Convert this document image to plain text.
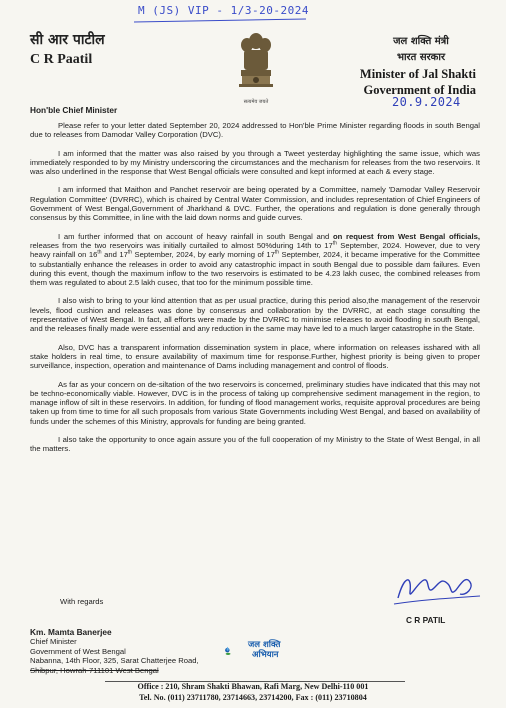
M (JS) VIP - 1/3-20-2024
सी आर पाटील
C R Paatil
सत्यमेव जयते
जल शक्ति मंत्री
भारत सरकार
Minister of Jal Shakti
Government of India
20.9.2024
Hon'ble Chief Minister

Please refer to your letter dated September 20, 2024 addressed to Hon'ble Prime Minister regarding floods in south Bengal due to releases from Damodar Valley Corporation (DVC).

I am informed that the matter was also raised by you through a Tweet yesterday highlighting the same issue, which was immediately responded to by my Ministry underscoring the circumstances and the mechanism for releases from the two reservoirs. It was also underlined in the response that West Bengal officials were consulted and kept informed at each & every stage.

I am informed that Maithon and Panchet reservoir are being operated by a Committee, namely 'Damodar Valley Reservoir Regulation Committee' (DVRRC), which is chaired by Central Water Commission, and includes representation of Chief Engineers of Government of West Bengal,Government of Jharkhand & DVC. Further, the operations and regulation is done generally through consensus by this Committee, in line with the laid down norms and guide curves.

I am further informed that on account of heavy rainfall in south Bengal and on request from West Bengal officials, releases from the two reservoirs was initially curtailed to almost 50%during 14th to 17th September, 2024. However, due to very heavy rainfall on 16th and 17th September, 2024, by early morning of 17th September, 2024, it became imperative for the Committee to substantially enhance the releases in order to avoid any catastrophic impact in south Bengal due to possible dam failures. Even during this event, though the maximum inflow to the two reservoirs is estimated to be 4.23 lakh cusec, the combined releases from them was regulated to about 2.5 lakh cusec, that too for the minimum possible time.

I also wish to bring to your kind attention that as per usual practice, during this period also,the management of the reservoir levels, flood cushion and releases was done by consensus and collaboration by the DVRRC, at each stage consulting the representative of West Bengal. In fact, all efforts were made by the DVRRC to minimise releases to avoid flooding in south Bengal, and the releases finally made were essential and any reduction in the same may have led to a much larger catastrophe in the State.

Also, DVC has a transparent information dissemination system in place, where information on releases isshared with all stake holders in real time, to ensure availability of maximum time for response.Further, highest priority is being given to proper surveillance, inspection, operation and maintenance of Dams including management and control of floods.

As far as your concern on de-siltation of the two reservoirs is concerned, preliminary studies have indicated that this may not be techno-economically viable. However, DVC is in the process of taking up comprehensive sediment management in the region, to manage inflow of silt in these reservoirs. In addition, for funding of flood management works, requisite approval procedures are being taken up from time to time for all such proposals from various State Governments including West Bengal, and based on availability of funds under the schemes of this Ministry, approvals for funding are being granted.

I also take the opportunity to once again assure you of the full cooperation of my Ministry to the State of West Bengal, in all the matters.

With regards
C R PATIL
Km. Mamta Banerjee
Chief Minister
Government of West Bengal
Nabanna, 14th Floor, 325, Sarat Chatterjee Road,
Shibpur, Howrah-711101 West Bengal
जल शक्ति
अभियान
Office : 210, Shram Shakti Bhawan, Rafi Marg, New Delhi-110 001
Tel. No. (011) 23711780, 23714663, 23714200, Fax : (011) 23710804
